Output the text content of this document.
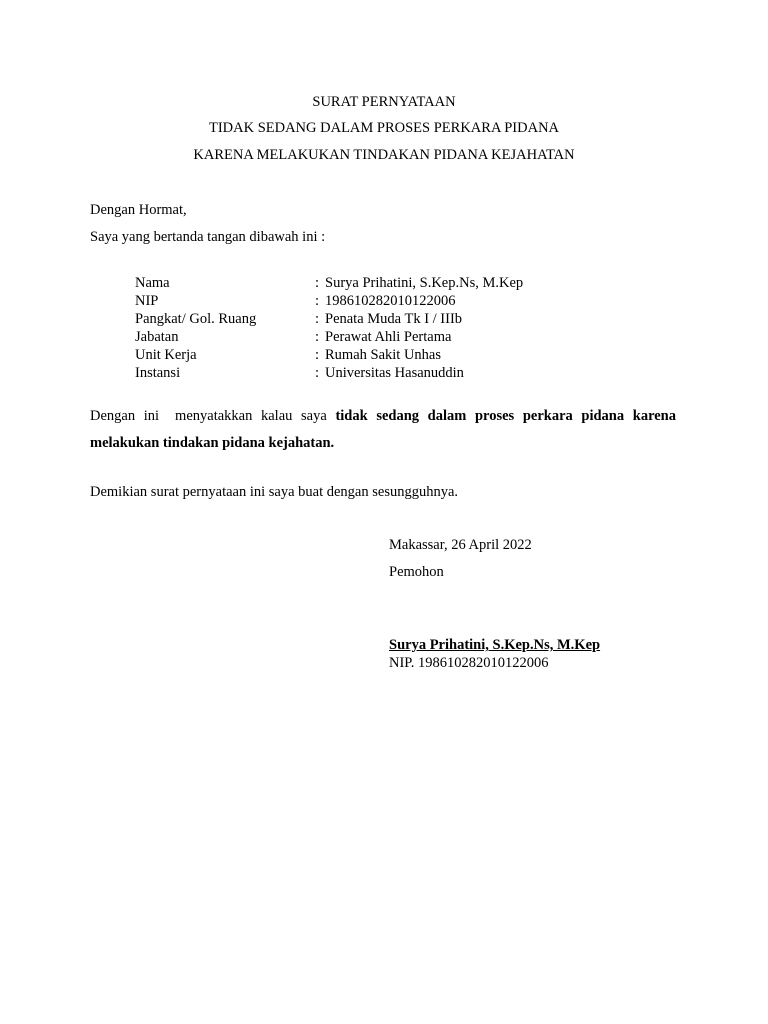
SURAT PERNYATAAN
TIDAK SEDANG DALAM PROSES PERKARA PIDANA
KARENA MELAKUKAN TINDAKAN PIDANA KEJAHATAN
Dengan Hormat,
Saya yang bertanda tangan dibawah ini :
Nama	: Surya Prihatini, S.Kep.Ns, M.Kep
NIP	: 198610282010122006
Pangkat/ Gol. Ruang	: Penata Muda Tk I / IIIb
Jabatan	: Perawat Ahli Pertama
Unit Kerja	: Rumah Sakit Unhas
Instansi	: Universitas Hasanuddin
Dengan ini menyatakkan kalau saya tidak sedang dalam proses perkara pidana karena melakukan tindakan pidana kejahatan.
Demikian surat pernyataan ini saya buat dengan sesungguhnya.
Makassar, 26 April 2022
Pemohon
Surya Prihatini, S.Kep.Ns, M.Kep
NIP. 198610282010122006
